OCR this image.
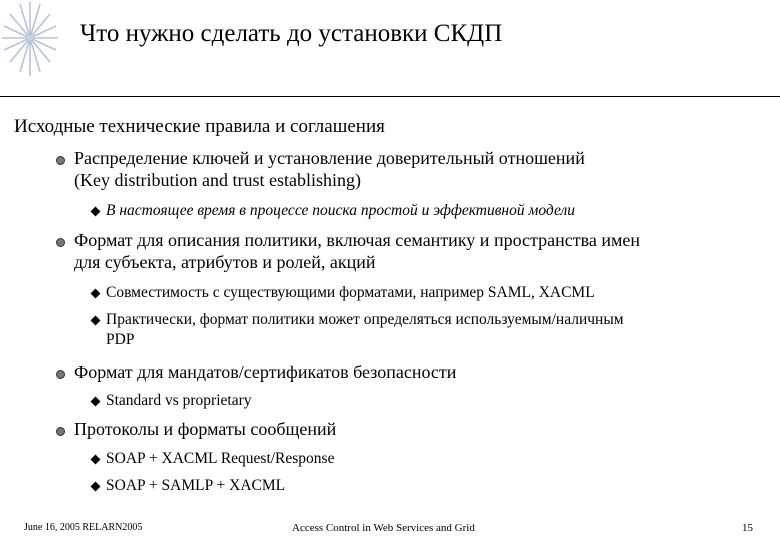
Что нужно сделать до установки СКДП
Исходные технические правила и соглашения
Распределение ключей и установление доверительный отношений
(Key distribution and trust establishing)
В настоящее время в процессе поиска простой и эффективной модели
Формат для описания политики, включая семантику и пространства имен
для субъекта, атрибутов и ролей, акций
Совместимость с существующими форматами, например SAML, XACML
Практически, формат политики может определяться используемым/наличным
PDP
Формат для мандатов/сертификатов безопасности
Standard vs proprietary
Протоколы и форматы сообщений
SOAP + XACML Request/Response
SOAP + SAMLP + XACML
June 16, 2005 RELARN2005	Access Control in Web Services and Grid	15
